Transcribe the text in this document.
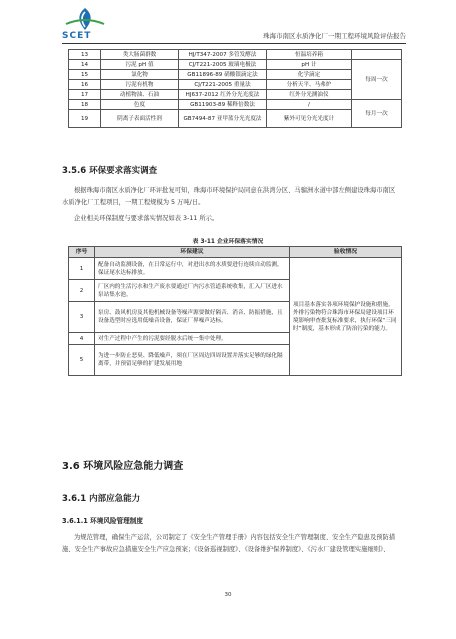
SCET	珠海市南区水质净化厂一期工程环境风险评估报告
13	类大肠菌群数	HJ/T347-2007 多管发酵法	恒温培养箱	
14	污泥 pH 值	CJ/T221-2005 玻璃电极法	pH 计	每周一次
15	氯化物	GB11896-89 硝酸银滴定法	化学滴定	
16	污泥有机物	CJ/T221-2005 重量法	分析天平、马弗炉	
17	动植物油、石油	HJ637-2012 红外分光光度法	红外分光测油仪	
18	色度	GB11903-89 稀释倍数法	/	每月一次
19	阴离子表面活性剂	GB7494-87 亚甲蓝分光光度法	紫外可见分光光度计	
3.5.6 环保要求落实调查
根据珠海市南区水质净化厂环评批复可知，珠海市环境保护局同意在洪湾分区、马骝洲水道中部左侧建设珠海市南区水质净化厂工程项目，一期工程规模为 5 万吨/日。
企业相关环保制度与要求落实情况如表 3-11 所示。
表 3-11 企业环保落实情况
序号	环保建议	验收情况
1	配备自动监测设备，在日常运行中，对进出水的水质要进行连续自动监测，保证尾水达标排放。	项目基本落实各项环境保护设施和措施，外排污染物符合珠海市环保局建设项目环境影响审查批复标准要求，执行环保“三同时”制度，基本形成了防治污染的能力。
2	厂区内的生活污水和生产废水要通过厂内污水管道系统收集，汇入厂区进水泵站集水池。	
3	泵房、鼓风机房及其他机械设备等噪声源要做好隔音、消音、防振措施，且设备选型时应选用低噪音设备，保证厂界噪声达标。	
4	对生产过程中产生的污泥要经脱水后统一集中处理。	
5	为进一步防止恶臭、降低噪声，须在厂区周边四周设置并落实足够的绿化隔离带，并预留足够的扩建发展用地	
3.6 环境风险应急能力调查
3.6.1 内部应急能力
3.6.1.1 环境风险管理制度
为规范管理，确保生产运营，公司制定了《安全生产管理手册》内容包括安全生产管理制度、安全生产隐患及预防措施、安全生产事故应急措施安全生产应急预案；《设备巡视制度》、《设备维护保养制度》、《污水厂建设管理实施细则》、
30
